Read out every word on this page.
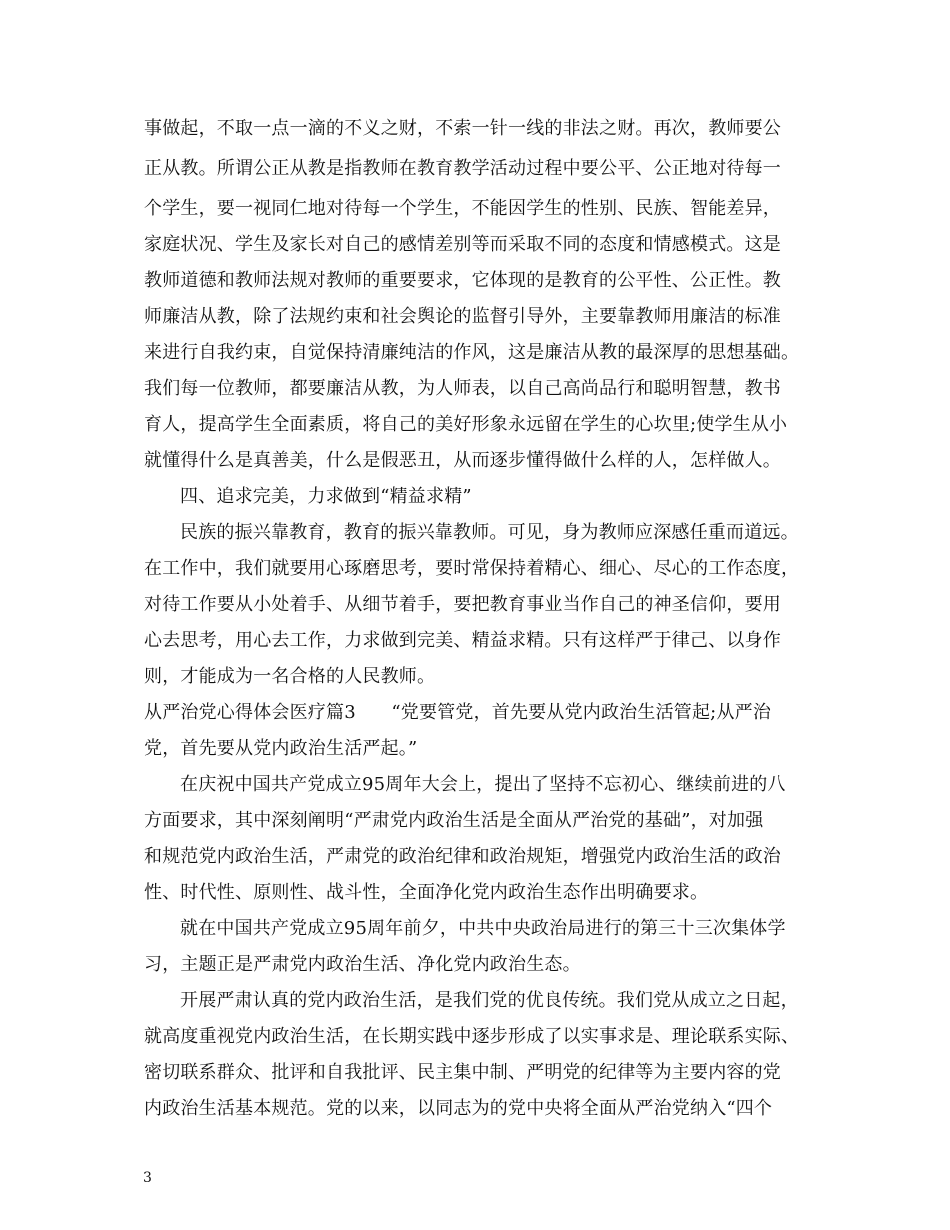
事做起，不取一点一滴的不义之财，不索一针一线的非法之财。再次，教师要公
正从教。所谓公正从教是指教师在教育教学活动过程中要公平、公正地对待每一
个学生，要一视同仁地对待每一个学生，不能因学生的性别、民族、智能差异，
家庭状况、学生及家长对自己的感情差别等而采取不同的态度和情感模式。这是
教师道德和教师法规对教师的重要要求，它体现的是教育的公平性、公正性。教
师廉洁从教，除了法规约束和社会舆论的监督引导外，主要靠教师用廉洁的标准
来进行自我约束，自觉保持清廉纯洁的作风，这是廉洁从教的最深厚的思想基础。
我们每一位教师，都要廉洁从教，为人师表，以自己高尚品行和聪明智慧，教书
育人，提高学生全面素质，将自己的美好形象永远留在学生的心坎里;使学生从小
就懂得什么是真善美，什么是假恶丑，从而逐步懂得做什么样的人，怎样做人。
四、追求完美，力求做到“精益求精”
民族的振兴靠教育，教育的振兴靠教师。可见，身为教师应深感任重而道远。
在工作中，我们就要用心琢磨思考，要时常保持着精心、细心、尽心的工作态度，
对待工作要从小处着手、从细节着手，要把教育事业当作自己的神圣信仰，要用
心去思考，用心去工作，力求做到完美、精益求精。只有这样严于律己、以身作
则，才能成为一名合格的人民教师。
从严治党心得体会医疗篇3      “党要管党，首先要从党内政治生活管起;从严治
党，首先要从党内政治生活严起。”
在庆祝中国共产党成立95周年大会上，提出了坚持不忘初心、继续前进的八
方面要求，其中深刻阐明“严肃党内政治生活是全面从严治党的基础”，对加强
和规范党内政治生活，严肃党的政治纪律和政治规矩，增强党内政治生活的政治
性、时代性、原则性、战斗性，全面净化党内政治生态作出明确要求。
就在中国共产党成立95周年前夕，中共中央政治局进行的第三十三次集体学
习，主题正是严肃党内政治生活、净化党内政治生态。
开展严肃认真的党内政治生活，是我们党的优良传统。我们党从成立之日起，
就高度重视党内政治生活，在长期实践中逐步形成了以实事求是、理论联系实际、
密切联系群众、批评和自我批评、民主集中制、严明党的纪律等为主要内容的党
内政治生活基本规范。党的以来，以同志为的党中央将全面从严治党纳入“四个
3
